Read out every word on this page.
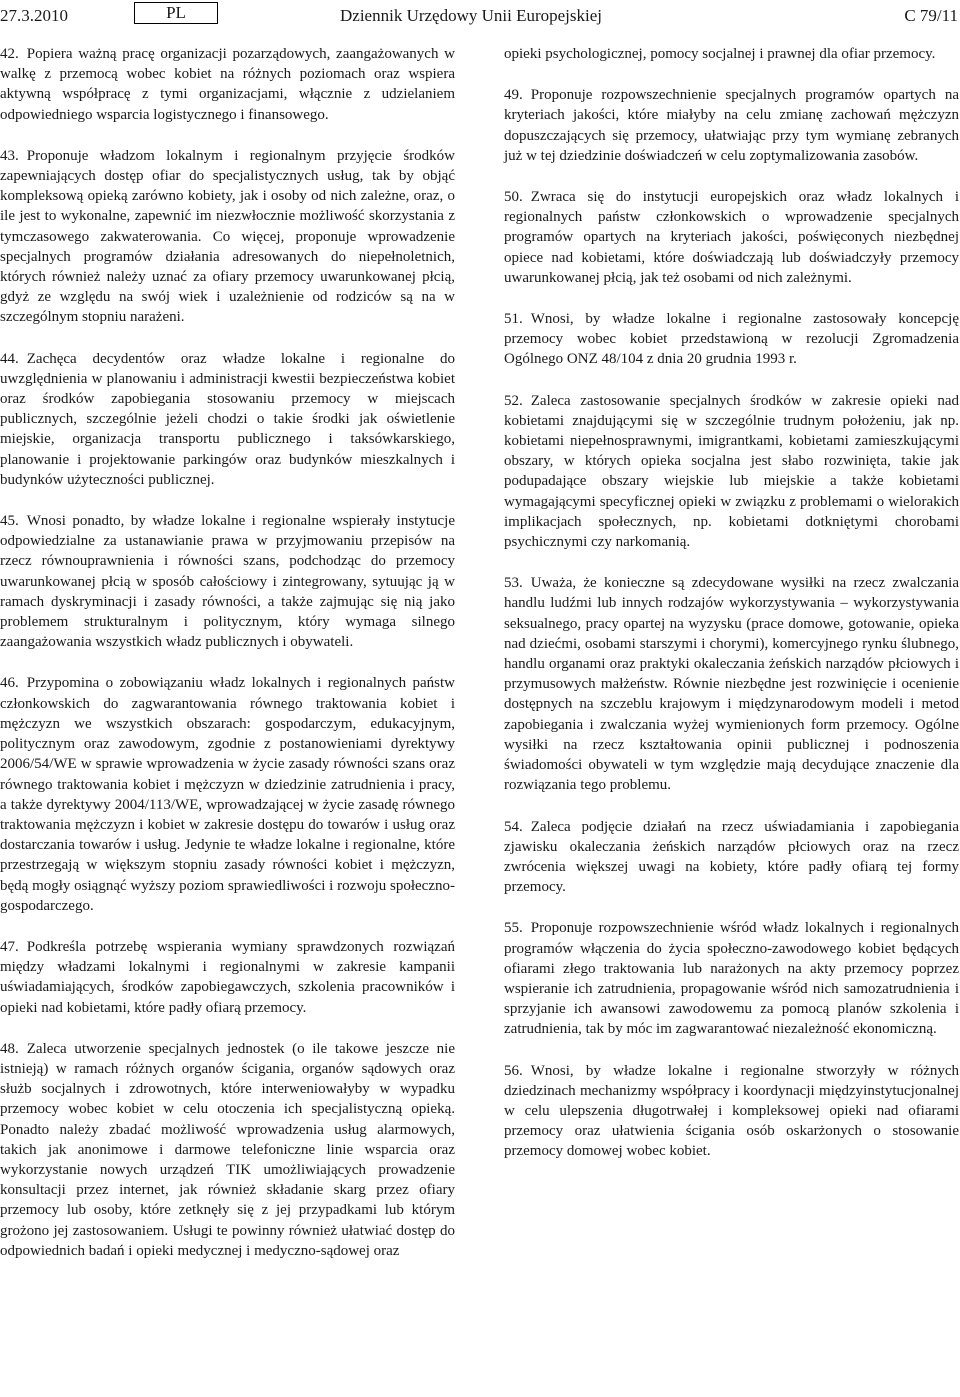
27.3.2010	PL	Dziennik Urzędowy Unii Europejskiej	C 79/11

42. Popiera ważną pracę organizacji pozarządowych, zaangażowanych w walkę z przemocą wobec kobiet na różnych poziomach oraz wspiera aktywną współpracę z tymi organizacjami, włącznie z udzielaniem odpowiedniego wsparcia logistycznego i finansowego.

43. Proponuje władzom lokalnym i regionalnym przyjęcie środków zapewniających dostęp ofiar do specjalistycznych usług, tak by objąć kompleksową opieką zarówno kobiety, jak i osoby od nich zależne, oraz, o ile jest to wykonalne, zapewnić im niezwłocznie możliwość skorzystania z tymczasowego zakwaterowania. Co więcej, proponuje wprowadzenie specjalnych programów działania adresowanych do niepełnoletnich, których również należy uznać za ofiary przemocy uwarunkowanej płcią, gdyż ze względu na swój wiek i uzależnienie od rodziców są na w szczególnym stopniu narażeni.

44. Zachęca decydentów oraz władze lokalne i regionalne do uwzględnienia w planowaniu i administracji kwestii bezpieczeństwa kobiet oraz środków zapobiegania stosowaniu przemocy w miejscach publicznych, szczególnie jeżeli chodzi o takie środki jak oświetlenie miejskie, organizacja transportu publicznego i taksówkarskiego, planowanie i projektowanie parkingów oraz budynków mieszkalnych i budynków użyteczności publicznej.

45. Wnosi ponadto, by władze lokalne i regionalne wspierały instytucje odpowiedzialne za ustanawianie prawa w przyjmowaniu przepisów na rzecz równouprawnienia i równości szans, podchodząc do przemocy uwarunkowanej płcią w sposób całościowy i zintegrowany, sytuując ją w ramach dyskryminacji i zasady równości, a także zajmując się nią jako problemem strukturalnym i politycznym, który wymaga silnego zaangażowania wszystkich władz publicznych i obywateli.

46. Przypomina o zobowiązaniu władz lokalnych i regionalnych państw członkowskich do zagwarantowania równego traktowania kobiet i mężczyzn we wszystkich obszarach: gospodarczym, edukacyjnym, politycznym oraz zawodowym, zgodnie z postanowieniami dyrektywy 2006/54/WE w sprawie wprowadzenia w życie zasady równości szans oraz równego traktowania kobiet i mężczyzn w dziedzinie zatrudnienia i pracy, a także dyrektywy 2004/113/WE, wprowadzającej w życie zasadę równego traktowania mężczyzn i kobiet w zakresie dostępu do towarów i usług oraz dostarczania towarów i usług. Jedynie te władze lokalne i regionalne, które przestrzegają w większym stopniu zasady równości kobiet i mężczyzn, będą mogły osiągnąć wyższy poziom sprawiedliwości i rozwoju społeczno-gospodarczego.

47. Podkreśla potrzebę wspierania wymiany sprawdzonych rozwiązań między władzami lokalnymi i regionalnymi w zakresie kampanii uświadamiających, środków zapobiegawczych, szkolenia pracowników i opieki nad kobietami, które padły ofiarą przemocy.

48. Zaleca utworzenie specjalnych jednostek (o ile takowe jeszcze nie istnieją) w ramach różnych organów ścigania, organów sądowych oraz służb socjalnych i zdrowotnych, które interweniowałyby w wypadku przemocy wobec kobiet w celu otoczenia ich specjalistyczną opieką. Ponadto należy zbadać możliwość wprowadzenia usług alarmowych, takich jak anonimowe i darmowe telefoniczne linie wsparcia oraz wykorzystanie nowych urządzeń TIK umożliwiających prowadzenie konsultacji przez internet, jak również składanie skarg przez ofiary przemocy lub osoby, które zetknęły się z jej przypadkami lub którym grożono jej zastosowaniem. Usługi te powinny również ułatwiać dostęp do odpowiednich badań i opieki medycznej i medyczno-sądowej oraz

opieki psychologicznej, pomocy socjalnej i prawnej dla ofiar przemocy.

49. Proponuje rozpowszechnienie specjalnych programów opartych na kryteriach jakości, które miałyby na celu zmianę zachowań mężczyzn dopuszczających się przemocy, ułatwiając przy tym wymianę zebranych już w tej dziedzinie doświadczeń w celu zoptymalizowania zasobów.

50. Zwraca się do instytucji europejskich oraz władz lokalnych i regionalnych państw członkowskich o wprowadzenie specjalnych programów opartych na kryteriach jakości, poświęconych niezbędnej opiece nad kobietami, które doświadczają lub doświadczyły przemocy uwarunkowanej płcią, jak też osobami od nich zależnymi.

51. Wnosi, by władze lokalne i regionalne zastosowały koncepcję przemocy wobec kobiet przedstawioną w rezolucji Zgromadzenia Ogólnego ONZ 48/104 z dnia 20 grudnia 1993 r.

52. Zaleca zastosowanie specjalnych środków w zakresie opieki nad kobietami znajdującymi się w szczególnie trudnym położeniu, jak np. kobietami niepełnosprawnymi, imigrantkami, kobietami zamieszkującymi obszary, w których opieka socjalna jest słabo rozwinięta, takie jak podupadające obszary wiejskie lub miejskie a także kobietami wymagającymi specyficznej opieki w związku z problemami o wielorakich implikacjach społecznych, np. kobietami dotkniętymi chorobami psychicznymi czy narkomanią.

53. Uważa, że konieczne są zdecydowane wysiłki na rzecz zwalczania handlu ludźmi lub innych rodzajów wykorzystywania – wykorzystywania seksualnego, pracy opartej na wyzysku (prace domowe, gotowanie, opieka nad dziećmi, osobami starszymi i chorymi), komercyjnego rynku ślubnego, handlu organami oraz praktyki okaleczania żeńskich narządów płciowych i przymusowych małżeństw. Równie niezbędne jest rozwinięcie i ocenienie dostępnych na szczeblu krajowym i międzynarodowym modeli i metod zapobiegania i zwalczania wyżej wymienionych form przemocy. Ogólne wysiłki na rzecz kształtowania opinii publicznej i podnoszenia świadomości obywateli w tym względzie mają decydujące znaczenie dla rozwiązania tego problemu.

54. Zaleca podjęcie działań na rzecz uświadamiania i zapobiegania zjawisku okaleczania żeńskich narządów płciowych oraz na rzecz zwrócenia większej uwagi na kobiety, które padły ofiarą tej formy przemocy.

55. Proponuje rozpowszechnienie wśród władz lokalnych i regionalnych programów włączenia do życia społeczno-zawodowego kobiet będących ofiarami złego traktowania lub narażonych na akty przemocy poprzez wspieranie ich zatrudnienia, propagowanie wśród nich samozatrudnienia i sprzyjanie ich awansowi zawodowemu za pomocą planów szkolenia i zatrudnienia, tak by móc im zagwarantować niezależność ekonomiczną.

56. Wnosi, by władze lokalne i regionalne stworzyły w różnych dziedzinach mechanizmy współpracy i koordynacji międzyinstytucjonalnej w celu ulepszenia długotrwałej i kompleksowej opieki nad ofiarami przemocy oraz ułatwienia ścigania osób oskarżonych o stosowanie przemocy domowej wobec kobiet.
